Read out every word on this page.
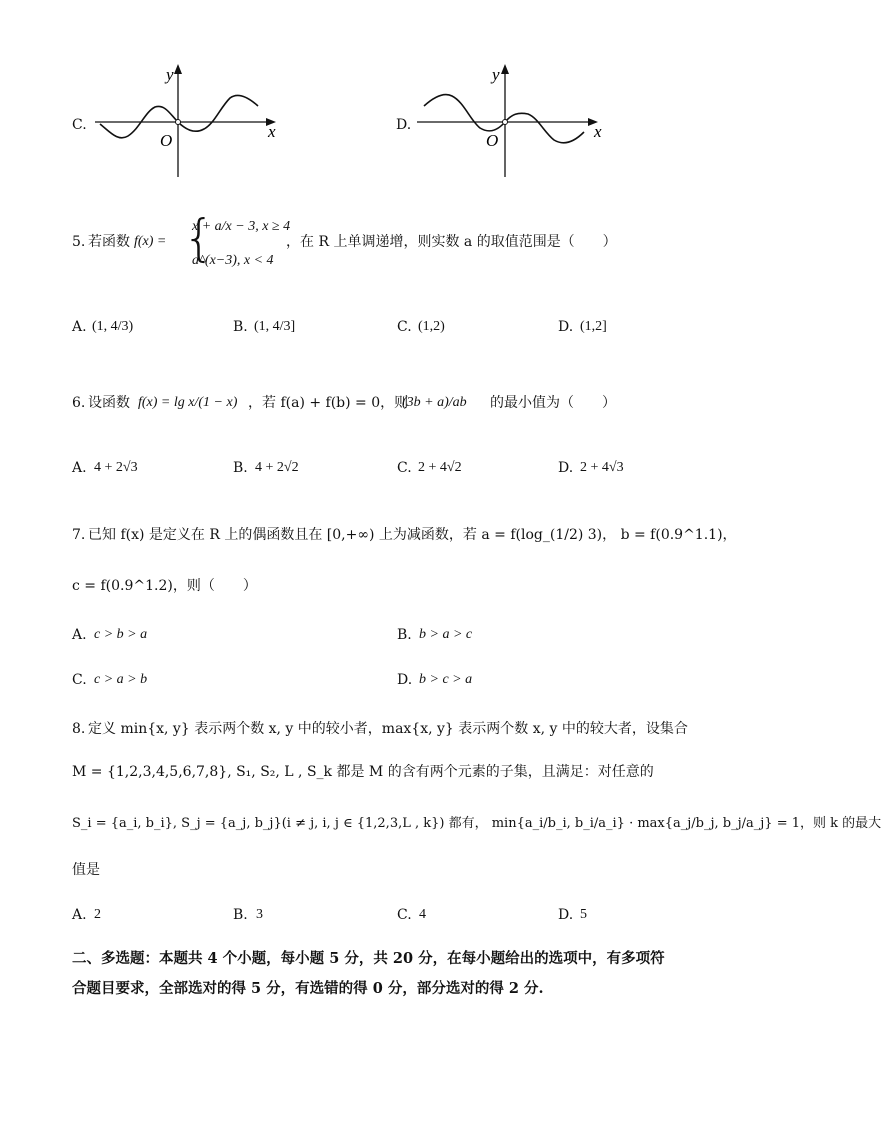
C.
y
x
O
D.
y
x
O
5. 若函数 f(x) = {
x + a/x − 3, x ≥ 4
a^(x−3), x < 4
，在 R 上单调递增，则实数 a 的取值范围是（　　）
A. (1, 4/3)	B. (1, 4/3]	C. (1,2)	D. (1,2]
6. 设函数 f(x) = lg x/(1 − x) ，若 f(a) + f(b) = 0，则
(3b + a)/ab 的最小值为（　　）
A. 4 + 2√3	B. 4 + 2√2	C. 2 + 4√2	D. 2 + 4√3
7. 已知 f(x) 是定义在 R 上的偶函数且在 [0,+∞) 上为减函数，若 a = f(log_(1/2) 3)， b = f(0.9^1.1)，
c = f(0.9^1.2)，则（　　）
A. c > b > a	B. b > a > c
C. c > a > b	D. b > c > a
8. 定义 min{x, y} 表示两个数 x, y 中的较小者，max{x, y} 表示两个数 x, y 中的较大者，设集合
M = {1,2,3,4,5,6,7,8}, S₁, S₂, L , S_k 都是 M 的含有两个元素的子集，且满足：对任意的
S_i = {a_i, b_i}, S_j = {a_j, b_j}(i ≠ j, i, j ∈ {1,2,3,L , k}) 都有， min{a_i/b_i, b_i/a_i} · max{a_j/b_j, b_j/a_j} = 1，则 k 的最大
值是
A. 2	B. 3	C. 4	D. 5
二、多选题：本题共 4 个小题，每小题 5 分，共 20 分，在每小题给出的选项中，有多项符
合题目要求，全部选对的得 5 分，有选错的得 0 分，部分选对的得 2 分.
